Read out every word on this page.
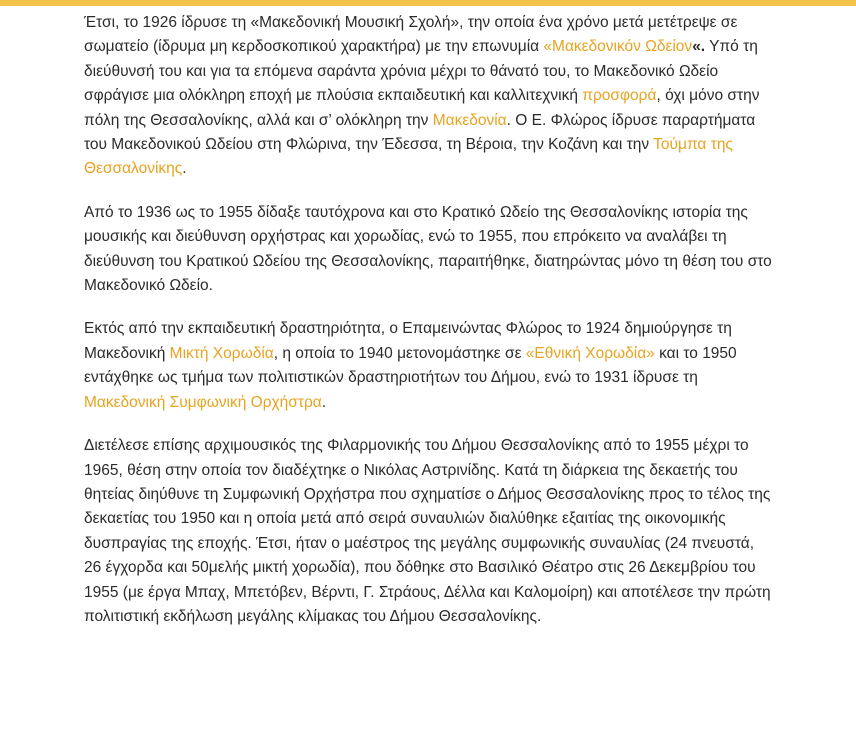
Έτσι, το 1926 ίδρυσε τη «Μακεδονική Μουσική Σχολή», την οποία ένα χρόνο μετά μετέτρεψε σε σωματείο (ίδρυμα μη κερδοσκοπικού χαρακτήρα) με την επωνυμία «Μακεδονικόν Ωδείον«. Υπό τη διεύθυνσή του και για τα επόμενα σαράντα χρόνια μέχρι το θάνατό του, το Μακεδονικό Ωδείο σφράγισε μια ολόκληρη εποχή με πλούσια εκπαιδευτική και καλλιτεχνική προσφορά, όχι μόνο στην πόλη της Θεσσαλονίκης, αλλά και σ’ ολόκληρη την Μακεδονία. Ο Ε. Φλώρος ίδρυσε παραρτήματα του Μακεδονικού Ωδείου στη Φλώρινα, την Έδεσσα, τη Βέροια, την Κοζάνη και την Τούμπα της Θεσσαλονίκης.

Από το 1936 ως το 1955 δίδαξε ταυτόχρονα και στο Κρατικό Ωδείο της Θεσσαλονίκης ιστορία της μουσικής και διεύθυνση ορχήστρας και χορωδίας, ενώ το 1955, που επρόκειτο να αναλάβει τη διεύθυνση του Κρατικού Ωδείου της Θεσσαλονίκης, παραιτήθηκε, διατηρώντας μόνο τη θέση του στο Μακεδονικό Ωδείο.

Εκτός από την εκπαιδευτική δραστηριότητα, ο Επαμεινώντας Φλώρος το 1924 δημιούργησε τη Μακεδονική Μικτή Χορωδία, η οποία το 1940 μετονομάστηκε σε «Εθνική Χορωδία» και το 1950 εντάχθηκε ως τμήμα των πολιτιστικών δραστηριοτήτων του Δήμου, ενώ το 1931 ίδρυσε τη Μακεδονική Συμφωνική Ορχήστρα.

Διετέλεσε επίσης αρχιμουσικός της Φιλαρμονικής του Δήμου Θεσσαλονίκης από το 1955 μέχρι το 1965, θέση στην οποία τον διαδέχτηκε ο Νικόλας Αστρινίδης. Κατά τη διάρκεια της δεκαετής του θητείας διηύθυνε τη Συμφωνική Ορχήστρα που σχηματίσε ο Δήμος Θεσσαλονίκης προς το τέλος της δεκαετίας του 1950 και η οποία μετά από σειρά συναυλιών διαλύθηκε εξαιτίας της οικονομικής δυσπραγίας της εποχής. Έτσι, ήταν ο μαέστρος της μεγάλης συμφωνικής συναυλίας (24 πνευστά, 26 έγχορδα και 50μελής μικτή χορωδία), που δόθηκε στο Βασιλικό Θέατρο στις 26 Δεκεμβρίου του 1955 (με έργα Μπαχ, Μπετόβεν, Βέρντι, Γ. Στράους, Δέλλα και Καλομοίρη) και αποτέλεσε την πρώτη πολιτιστική εκδήλωση μεγάλης κλίμακας του Δήμου Θεσσαλονίκης.
